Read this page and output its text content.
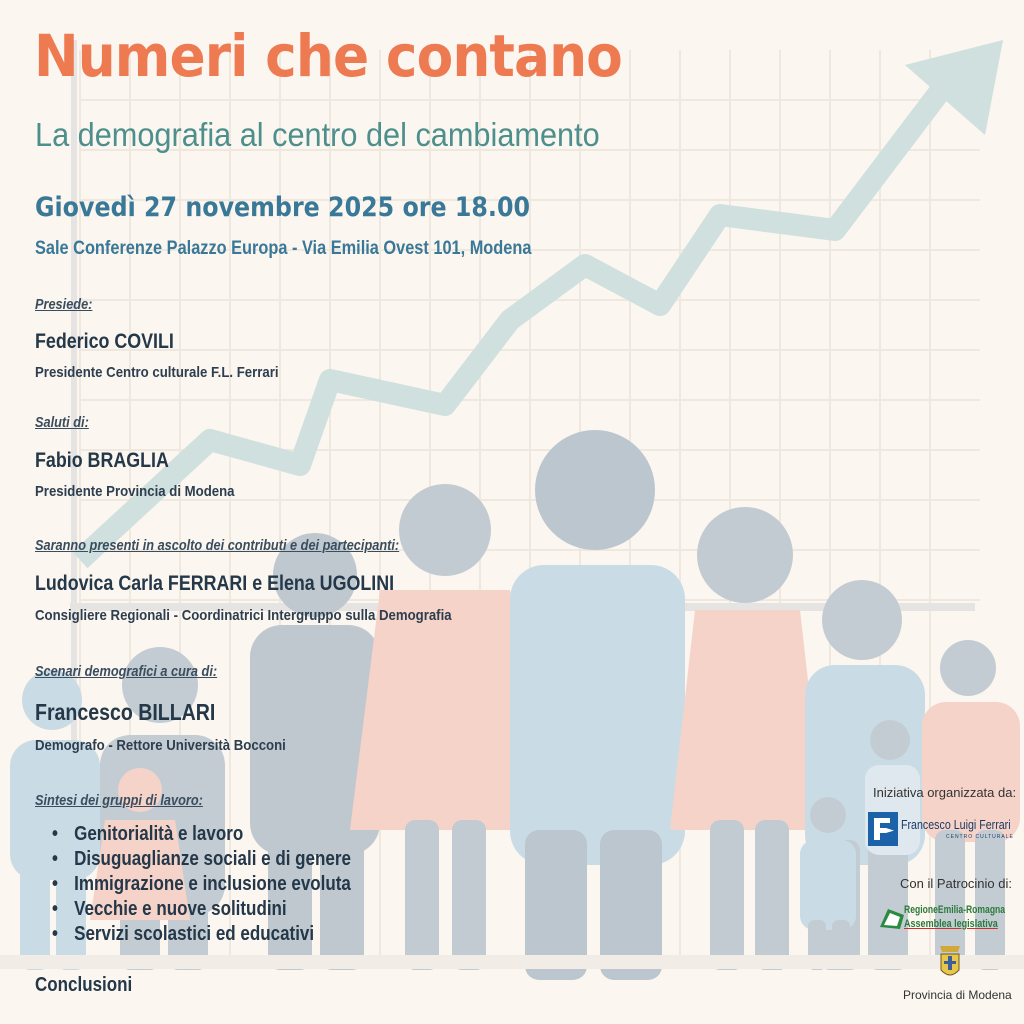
Numeri che contano
La demografia al centro del cambiamento
Giovedì 27 novembre 2025 ore 18.00
Sale Conferenze Palazzo Europa - Via Emilia Ovest 101, Modena
Presiede:
Federico COVILI
Presidente Centro culturale F.L. Ferrari
Saluti di:
Fabio BRAGLIA
Presidente Provincia di Modena
Saranno presenti in ascolto dei contributi e dei partecipanti:
Ludovica Carla FERRARI e Elena UGOLINI
Consigliere Regionali - Coordinatrici Intergruppo sulla Demografia
Scenari demografici a cura di:
Francesco BILLARI
Demografo - Rettore Università Bocconi
Sintesi dei gruppi di lavoro:
• Genitorialità e lavoro
• Disuguaglianze sociali e di genere
• Immigrazione e inclusione evoluta
• Vecchie e nuove solitudini
• Servizi scolastici ed educativi
Conclusioni
Iniziativa organizzata da:
Francesco Luigi Ferrari
CENTRO CULTURALE
Con il Patrocinio di:
RegioneEmilia-Romagna
Assemblea legislativa
Provincia di Modena
